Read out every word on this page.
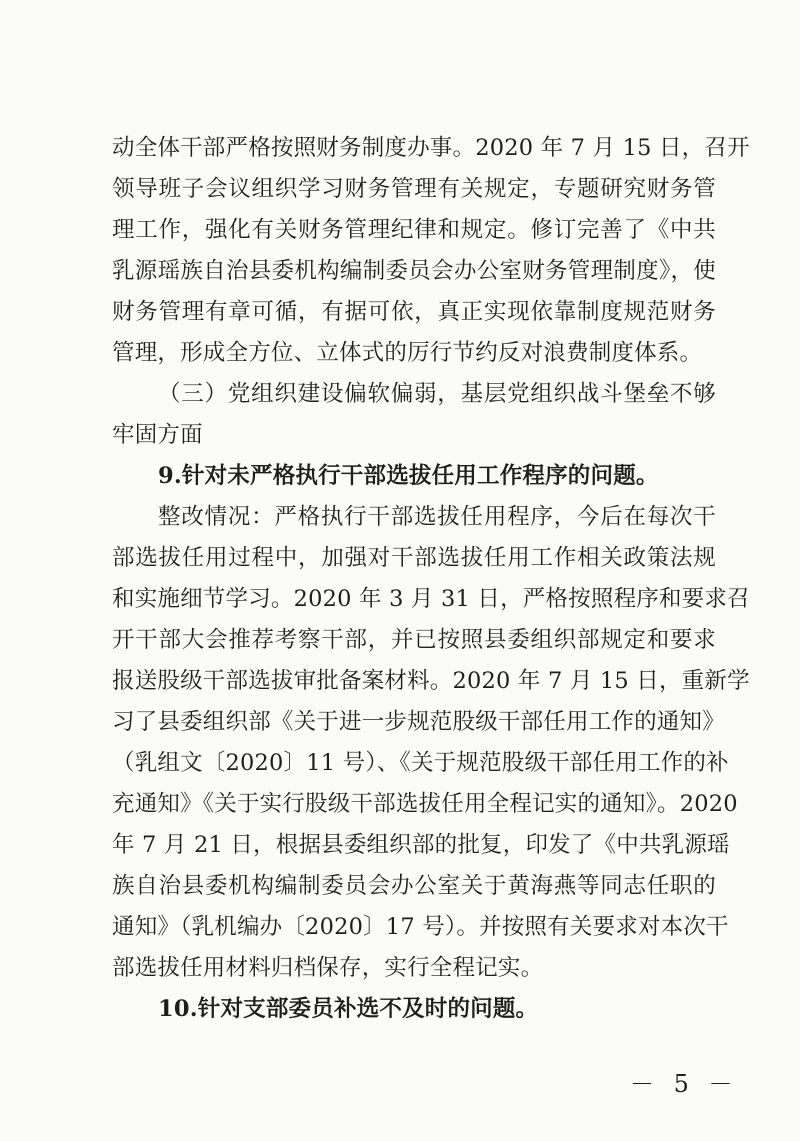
动全体干部严格按照财务制度办事。2020 年 7 月 15 日，召开
领导班子会议组织学习财务管理有关规定，专题研究财务管
理工作，强化有关财务管理纪律和规定。修订完善了《中共
乳源瑶族自治县委机构编制委员会办公室财务管理制度》，使
财务管理有章可循，有据可依，真正实现依靠制度规范财务
管理，形成全方位、立体式的厉行节约反对浪费制度体系。
（三）党组织建设偏软偏弱，基层党组织战斗堡垒不够
牢固方面
9.针对未严格执行干部选拔任用工作程序的问题。
整改情况：严格执行干部选拔任用程序，今后在每次干
部选拔任用过程中，加强对干部选拔任用工作相关政策法规
和实施细节学习。2020 年 3 月 31 日，严格按照程序和要求召
开干部大会推荐考察干部，并已按照县委组织部规定和要求
报送股级干部选拔审批备案材料。2020 年 7 月 15 日，重新学
习了县委组织部《关于进一步规范股级干部任用工作的通知》
（乳组文〔2020〕11 号）、《关于规范股级干部任用工作的补
充通知》《关于实行股级干部选拔任用全程记实的通知》。2020
年 7 月 21 日，根据县委组织部的批复，印发了《中共乳源瑶
族自治县委机构编制委员会办公室关于黄海燕等同志任职的
通知》（乳机编办〔2020〕17 号）。并按照有关要求对本次干
部选拔任用材料归档保存，实行全程记实。
10.针对支部委员补选不及时的问题。
－ 5 －
